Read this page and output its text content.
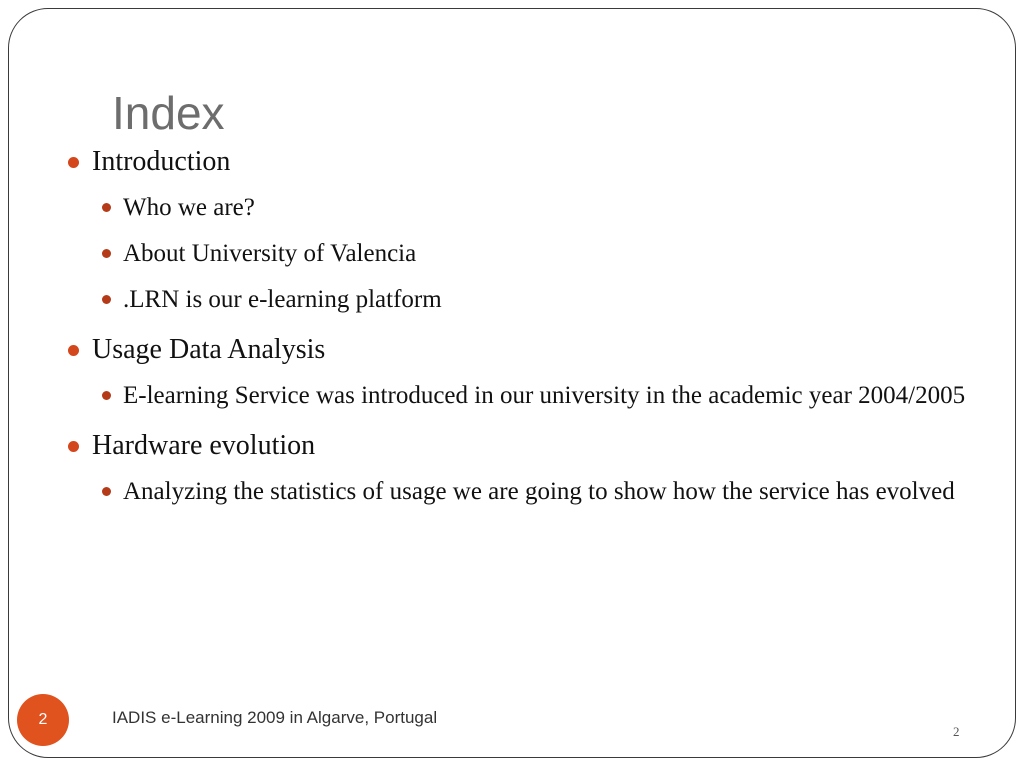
Index
Introduction
Who we are?
About University of Valencia
.LRN is our e-learning platform
Usage Data Analysis
E-learning Service was introduced in our university in the academic year 2004/2005
Hardware evolution
Analyzing the statistics of usage we are going to show how the service has evolved
2	IADIS e-Learning 2009 in Algarve, Portugal
2
